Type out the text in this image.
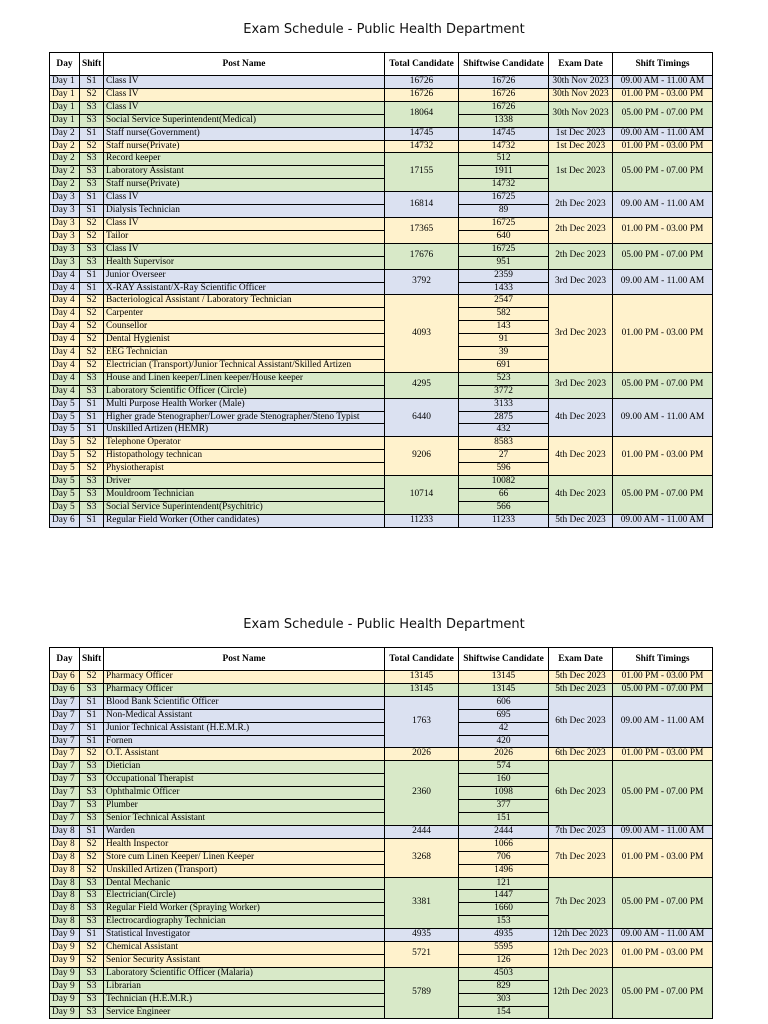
Exam Schedule - Public Health Department
Day	Shift	Post Name	Total Candidate	Shiftwise Candidate	Exam Date	Shift Timings
Day 1	S1	Class IV	16726	16726	30th Nov 2023	09.00 AM - 11.00 AM
Day 1	S2	Class IV	16726	16726	30th Nov 2023	01.00 PM - 03.00 PM
Day 1	S3	Class IV	18064	16726	30th Nov 2023	05.00 PM - 07.00 PM
Day 1	S3	Social Service Superintendent(Medical)		1338		
Day 2	S1	Staff nurse(Government)	14745	14745	1st Dec 2023	09.00 AM - 11.00 AM
Day 2	S2	Staff nurse(Private)	14732	14732	1st Dec 2023	01.00 PM - 03.00 PM
Day 2	S3	Record keeper	17155	512	1st Dec 2023	05.00 PM - 07.00 PM
Day 2	S3	Laboratory Assistant		1911		
Day 2	S3	Staff nurse(Private)		14732		
Day 3	S1	Class IV	16814	16725	2th Dec 2023	09.00 AM - 11.00 AM
Day 3	S1	Dialysis Technician		89		
Day 3	S2	Class IV	17365	16725	2th Dec 2023	01.00 PM - 03.00 PM
Day 3	S2	Tailor		640		
Day 3	S3	Class IV	17676	16725	2th Dec 2023	05.00 PM - 07.00 PM
Day 3	S3	Health Supervisor		951		
Day 4	S1	Junior Overseer	3792	2359	3rd Dec 2023	09.00 AM - 11.00 AM
Day 4	S1	X-RAY Assistant/X-Ray Scientific Officer		1433		
Day 4	S2	Bacteriological Assistant / Laboratory Technician	4093	2547	3rd Dec 2023	01.00 PM - 03.00 PM
Day 4	S2	Carpenter		582		
Day 4	S2	Counsellor		143		
Day 4	S2	Dental Hygienist		91		
Day 4	S2	EEG Technician		39		
Day 4	S2	Electrician (Transport)/Junior Technical Assistant/Skilled Artizen		691		
Day 4	S3	House and Linen keeper/Linen keeper/House keeper	4295	523	3rd Dec 2023	05.00 PM - 07.00 PM
Day 4	S3	Laboratory Scientific Officer (Circle)		3772		
Day 5	S1	Multi Purpose Health Worker (Male)	6440	3133	4th Dec 2023	09.00 AM - 11.00 AM
Day 5	S1	Higher grade Stenographer/Lower grade Stenographer/Steno Typist		2875		
Day 5	S1	Unskilled Artizen (HEMR)		432		
Day 5	S2	Telephone Operator	9206	8583	4th Dec 2023	01.00 PM - 03.00 PM
Day 5	S2	Histopathology technican		27		
Day 5	S2	Physiotherapist		596		
Day 5	S3	Driver	10714	10082	4th Dec 2023	05.00 PM - 07.00 PM
Day 5	S3	Mouldroom Technician		66		
Day 5	S3	Social Service Superintendent(Psychitric)		566		
Day 6	S1	Regular Field Worker (Other candidates)	11233	11233	5th Dec 2023	09.00 AM - 11.00 AM
Exam Schedule - Public Health Department
Day	Shift	Post Name	Total Candidate	Shiftwise Candidate	Exam Date	Shift Timings
Day 6	S2	Pharmacy Officer	13145	13145	5th Dec 2023	01.00 PM - 03.00 PM
Day 6	S3	Pharmacy Officer	13145	13145	5th Dec 2023	05.00 PM - 07.00 PM
Day 7	S1	Blood Bank Scientific Officer	1763	606	6th Dec 2023	09.00 AM - 11.00 AM
Day 7	S1	Non-Medical Assistant		695		
Day 7	S1	Junior Technical Assistant (H.E.M.R.)		42		
Day 7	S1	Fornen		420		
Day 7	S2	O.T. Assistant	2026	2026	6th Dec 2023	01.00 PM - 03.00 PM
Day 7	S3	Dietician	2360	574	6th Dec 2023	05.00 PM - 07.00 PM
Day 7	S3	Occupational Therapist		160		
Day 7	S3	Ophthalmic Officer		1098		
Day 7	S3	Plumber		377		
Day 7	S3	Senior Technical Assistant		151		
Day 8	S1	Warden	2444	2444	7th Dec 2023	09.00 AM - 11.00 AM
Day 8	S2	Health Inspector	3268	1066	7th Dec 2023	01.00 PM - 03.00 PM
Day 8	S2	Store cum Linen Keeper/ Linen Keeper		706		
Day 8	S2	Unskilled Artizen (Transport)		1496		
Day 8	S3	Dental Mechanic	3381	121	7th Dec 2023	05.00 PM - 07.00 PM
Day 8	S3	Electrician(Circle)		1447		
Day 8	S3	Regular Field Worker (Spraying Worker)		1660		
Day 8	S3	Electrocardiography Technician		153		
Day 9	S1	Statistical Investigator	4935	4935	12th Dec 2023	09.00 AM - 11.00 AM
Day 9	S2	Chemical Assistant	5721	5595	12th Dec 2023	01.00 PM - 03.00 PM
Day 9	S2	Senior Security Assistant		126		
Day 9	S3	Laboratory Scientific Officer (Malaria)	5789	4503	12th Dec 2023	05.00 PM - 07.00 PM
Day 9	S3	Librarian		829		
Day 9	S3	Technician (H.E.M.R.)		303		
Day 9	S3	Service Engineer		154		
